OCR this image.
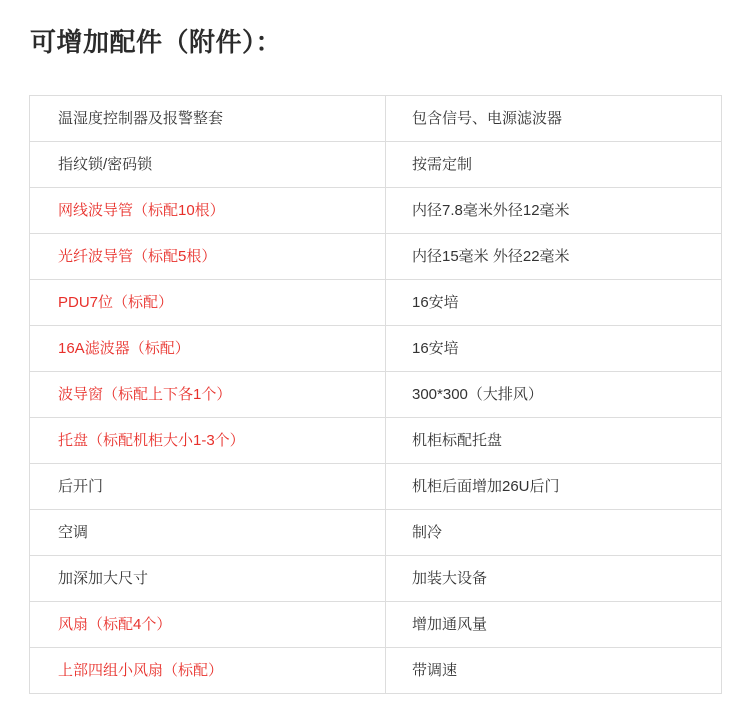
可增加配件（附件）：
温湿度控制器及报警整套	包含信号、电源滤波器
指纹锁/密码锁	按需定制
网线波导管（标配10根）	内径7.8毫米外径12毫米
光纤波导管（标配5根）	内径15毫米 外径22毫米
PDU7位（标配）	16安培
16A滤波器（标配）	16安培
波导窗（标配上下各1个）	300*300（大排风）
托盘（标配机柜大小1-3个）	机柜标配托盘
后开门	机柜后面增加26U后门
空调	制冷
加深加大尺寸	加装大设备
风扇（标配4个）	增加通风量
上部四组小风扇（标配）	带调速
